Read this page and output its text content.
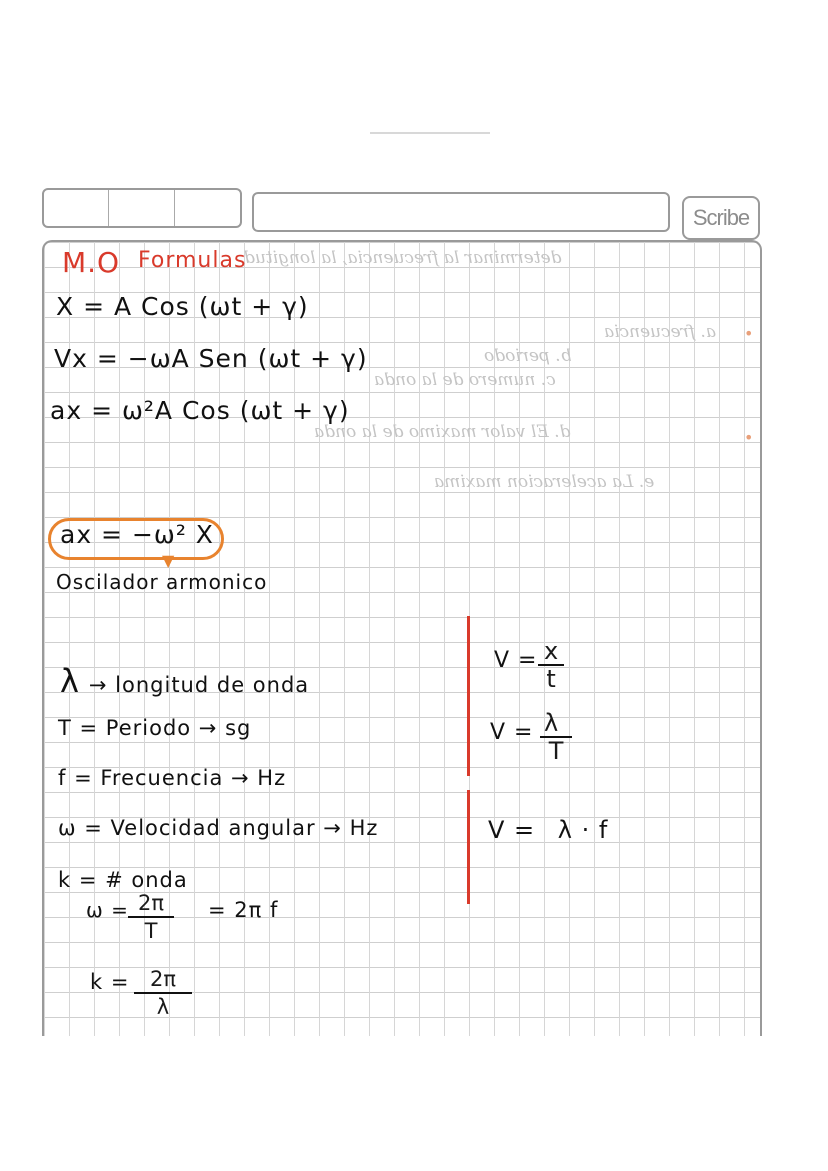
Scribe
determinar la frecuencia, la longitud
a. frecuencia
b. periodo
c. numero de la onda
d. El valor maximo de la onda
e. La aceleracion maxima
•
•
M.O Formulas
X = A Cos (ωt + γ)
Vx = −ωA Sen (ωt + γ)
ax = ω²A Cos (ωt + γ)
ax = −ω² X
▼
Oscilador armonico
λ → longitud de onda
T = Periodo → sg
f = Frecuencia → Hz
ω = Velocidad angular → Hz
k = # onda
$V = \frac{x}{t}$
$V = \frac{\lambda}{T}$
V = λ · f
$\omega = \frac{2\pi}{T} = 2\pi$ f
$k = \frac{2\pi}{\lambda}$
